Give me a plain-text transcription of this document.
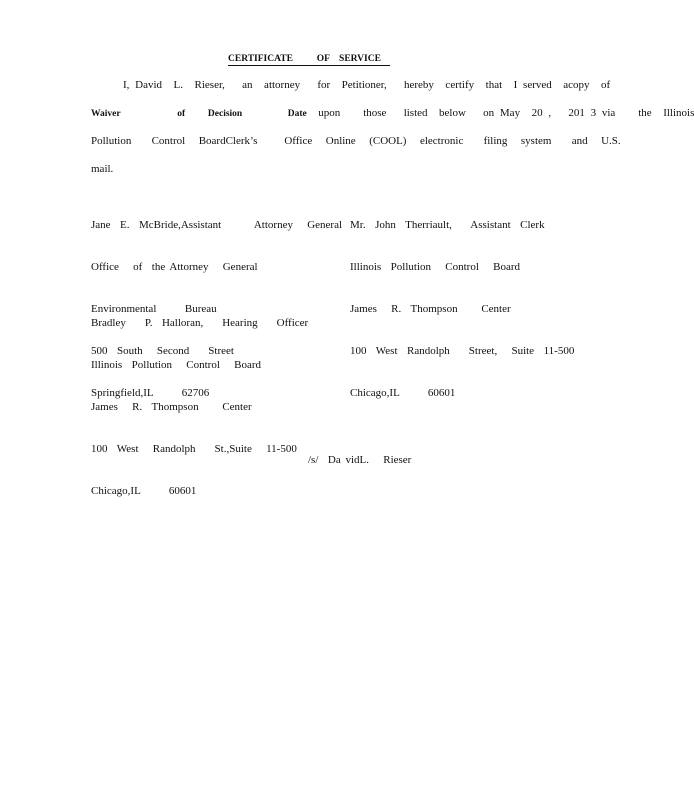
CERTIFICATE          OF    SERVICE
I, David  L.  Rieser,   an  attorney   for  Petitioner,   hereby  certify  that  I served  acopy  of
Waiver     of  Decision    Date  upon    those   listed  below   on May  20 ,   201 3 via    the  Illinois
Pollution   Control  BoardClerk’s    Office  Online  (COOL)  electronic   filing  system   and  U.S.
mail.

Jane  E.  McBride,Assistant       Attorney   General

Office   of  the Attorney   General

Environmental      Bureau

500  South   Second    Street

Springfield,IL      62706

Mr.  John  Therriault,    Assistant  Clerk

Illinois  Pollution   Control   Board

James   R.  Thompson     Center

100  West  Randolph    Street,   Suite  11-500

Chicago,IL      60601

Bradley    P.  Halloran,    Hearing    Officer

Illinois  Pollution   Control   Board

James   R.  Thompson     Center

100  West   Randolph    St.,Suite   11-500

Chicago,IL      60601

/s/  Da vidL.   Rieser
